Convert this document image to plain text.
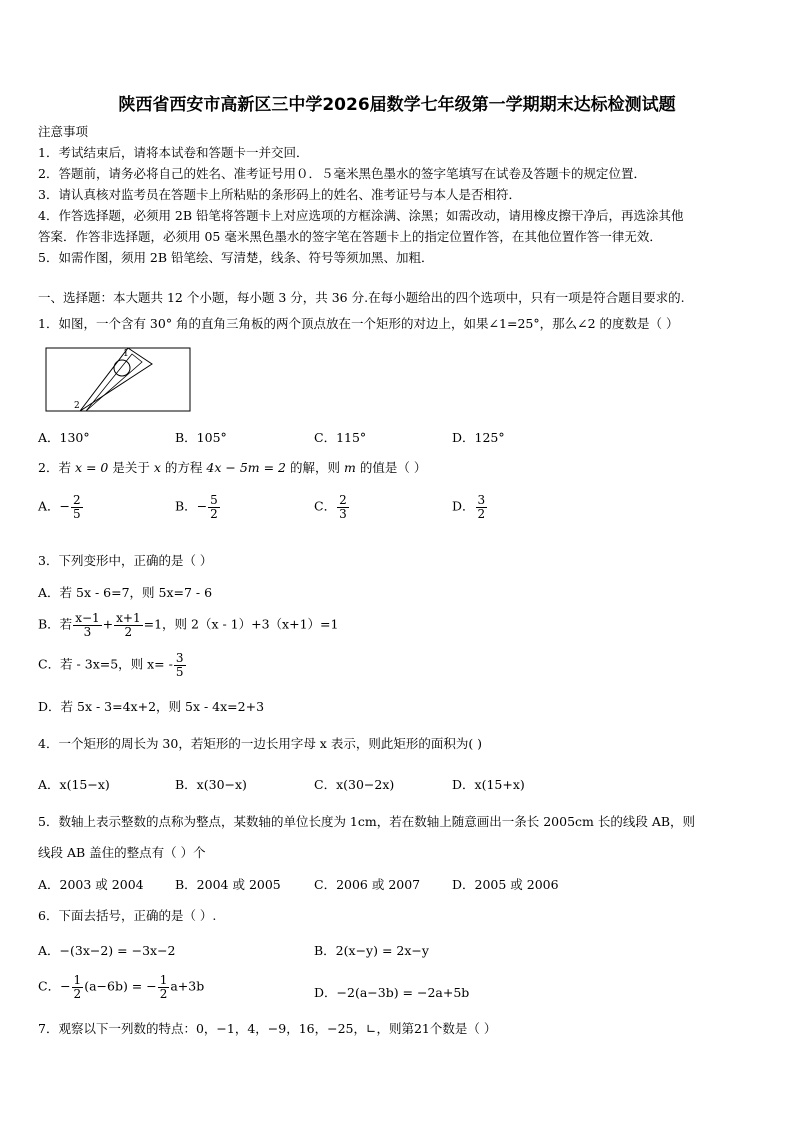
陕西省西安市高新区三中学2026届数学七年级第一学期期末达标检测试题
注意事项
1．考试结束后，请将本试卷和答题卡一并交回．
2．答题前，请务必将自己的姓名、准考证号用０．５毫米黑色墨水的签字笔填写在试卷及答题卡的规定位置．
3．请认真核对监考员在答题卡上所粘贴的条形码上的姓名、准考证号与本人是否相符．
4．作答选择题，必须用 2B 铅笔将答题卡上对应选项的方框涂满、涂黑；如需改动，请用橡皮擦干净后，再选涂其他
答案．作答非选择题，必须用 05 毫米黑色墨水的签字笔在答题卡上的指定位置作答，在其他位置作答一律无效．
5．如需作图，须用 2B 铅笔绘、写清楚，线条、符号等须加黑、加粗．
一、选择题：本大题共 12 个小题，每小题 3 分，共 36 分.在每小题给出的四个选项中，只有一项是符合题目要求的.
1．如图，一个含有 30° 角的直角三角板的两个顶点放在一个矩形的对边上，如果∠1=25°，那么∠2 的度数是（ ）
2
1
A．130°	B．105°	C．115°	D．125°
2．若 x = 0 是关于 x 的方程 4x − 5m = 2 的解，则 m 的值是（ ）
A．− $\frac{2}{5}$	B．− $\frac{5}{2}$	C． $\frac{2}{3}$	D． $\frac{3}{2}$
3．下列变形中，正确的是（ ）
A．若 5x - 6=7，则 5x=7 - 6
B．若 $\frac{x-1}{3} + \frac{x+1}{2} =1$，则 2（x - 1）+3（x+1）=1
C．若 - 3x=5，则 $x= - \frac{3}{5}$
D．若 5x - 3=4x+2，则 5x - 4x=2+3
4．一个矩形的周长为 30，若矩形的一边长用字母 x 表示，则此矩形的面积为( )
A．x(15−x)	B．x(30−x)	C．x(30−2x)	D．x(15+x)
5．数轴上表示整数的点称为整点，某数轴的单位长度为 1cm，若在数轴上随意画出一条长 2005cm 长的线段 AB，则
线段 AB 盖住的整点有（ ）个
A．2003 或 2004	B．2004 或 2005	C．2006 或 2007	D．2005 或 2006
6．下面去括号，正确的是（ ）.
A．−(3x−2) = −3x−2	B．2(x−y) = 2x−y
C．− $\frac{1}{2} (a-6b)$ = − $\frac{1}{2} a+3b$	D．−2(a−3b) = −2a+5b
7．观察以下一列数的特点：0，−1，4，−9，16，−25，∟，则第21个数是（ ）
